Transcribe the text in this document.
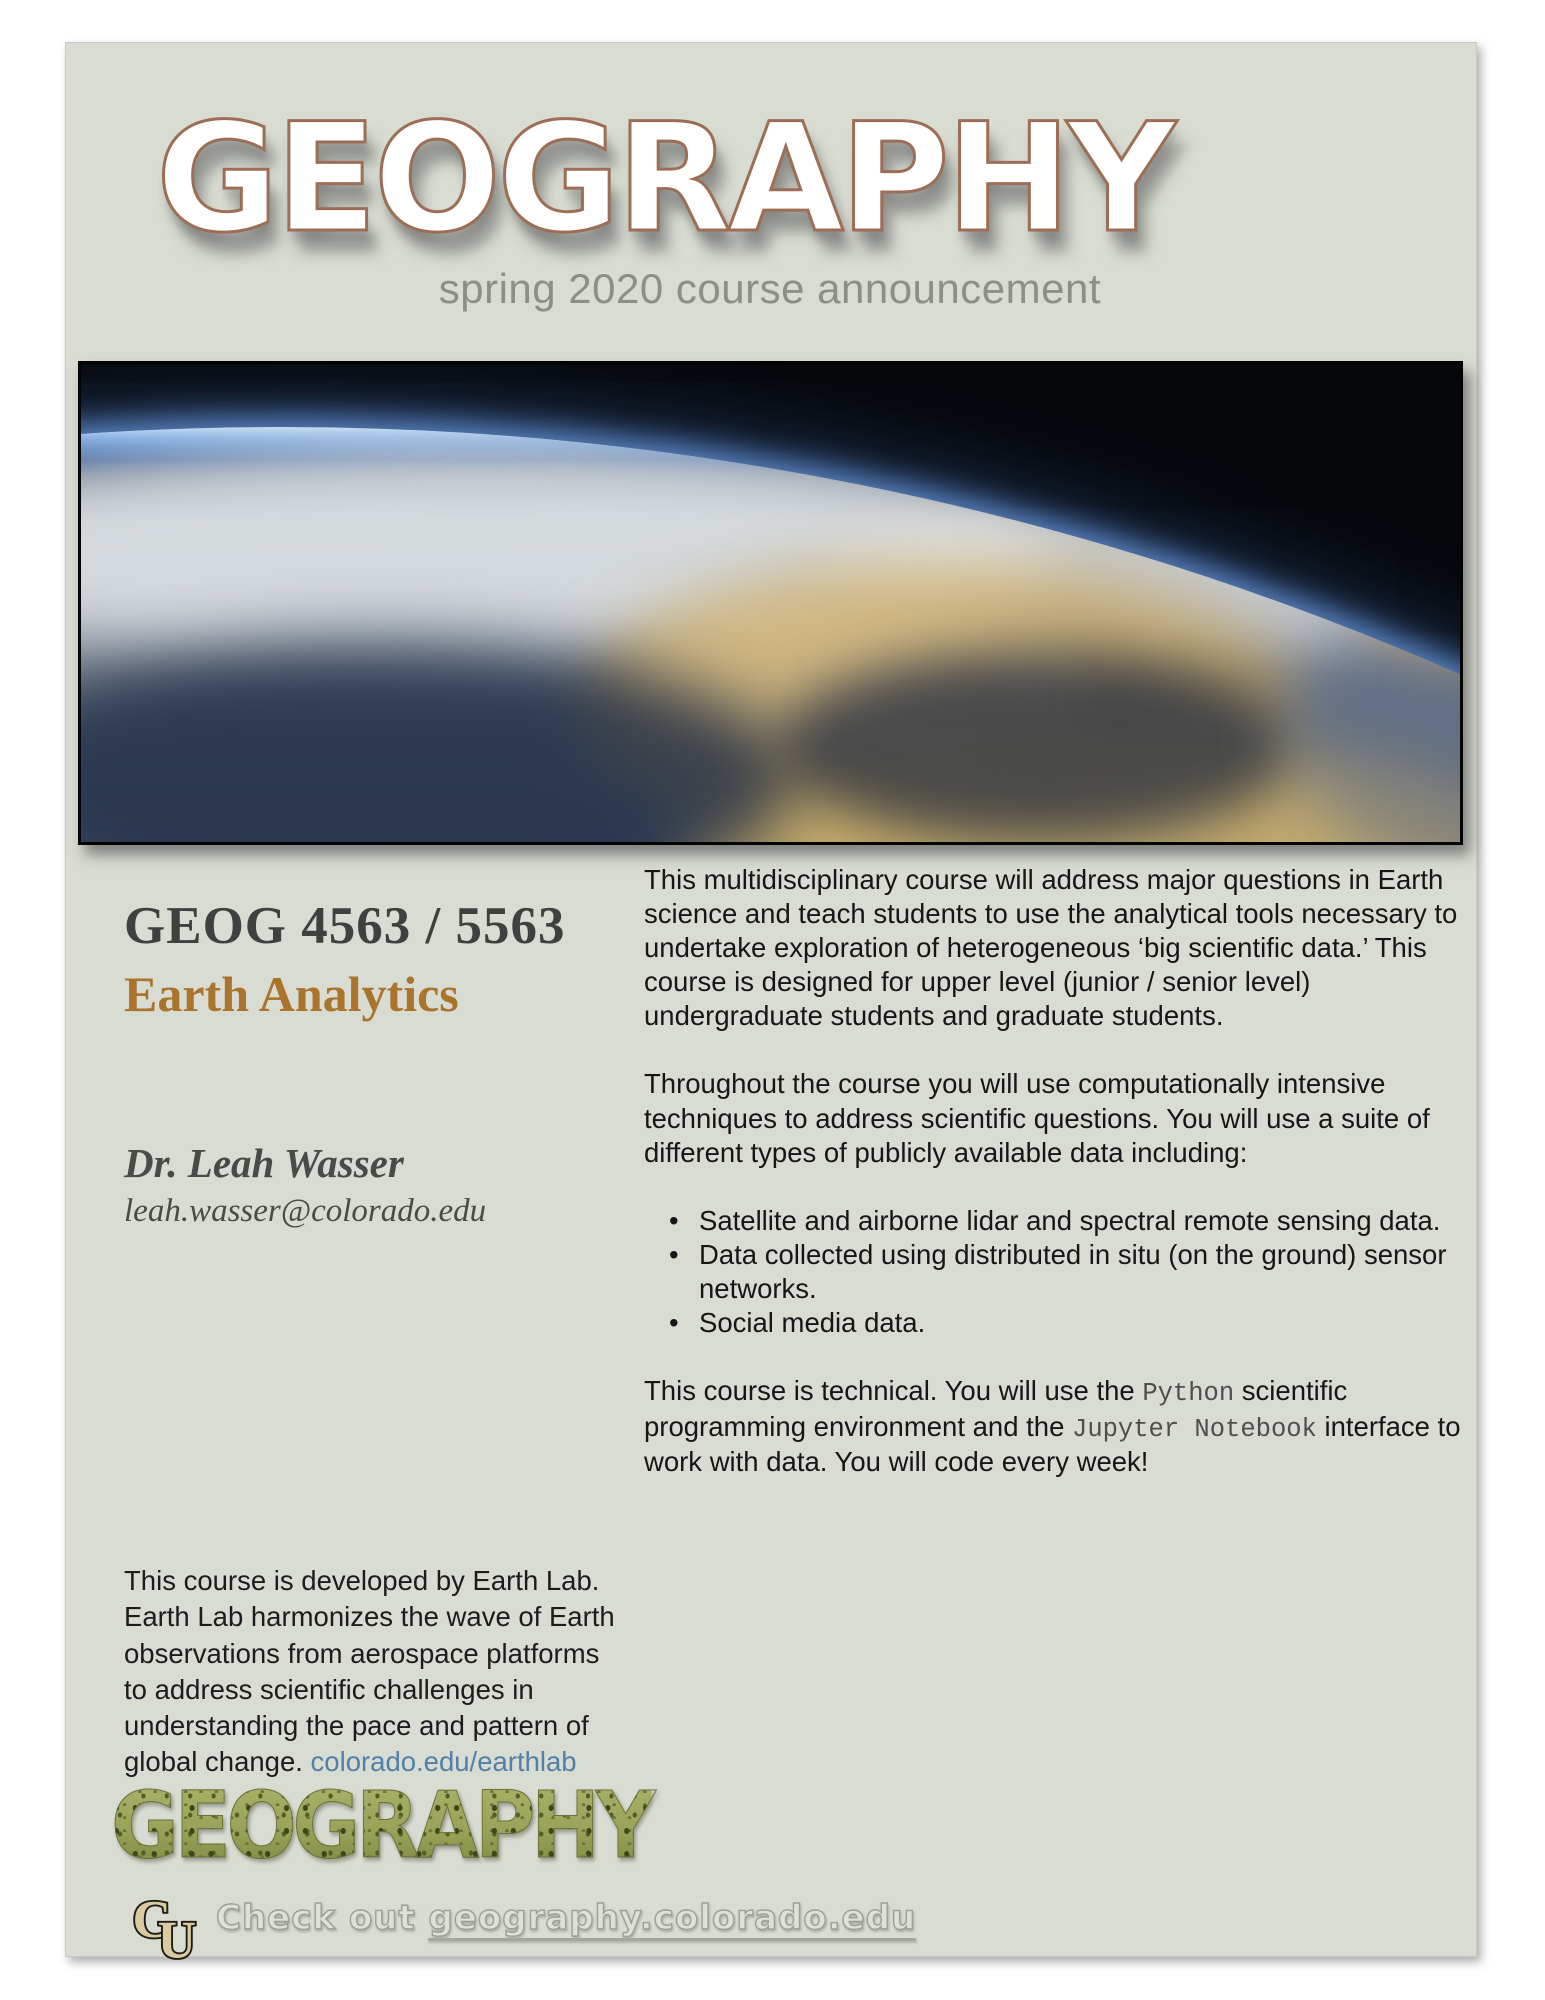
GEOGRAPHY
spring 2020 course announcement
GEOG 4563 / 5563
Earth Analytics
Dr. Leah Wasser
leah.wasser@colorado.edu
This course is developed by Earth Lab. Earth Lab harmonizes the wave of Earth observations from aerospace platforms to address scientific challenges in understanding the pace and pattern of global change. colorado.edu/earthlab
GEOGRAPHY
C
U Check out geography.colorado.edu

This multidisciplinary course will address major questions in Earth science and teach students to use the analytical tools necessary to undertake exploration of heterogeneous ‘big scientific data.’ This course is designed for upper level (junior / senior level) undergraduate students and graduate students.

Throughout the course you will use computationally intensive techniques to address scientific questions. You will use a suite of different types of publicly available data including:

• Satellite and airborne lidar and spectral remote sensing data.
• Data collected using distributed in situ (on the ground) sensor networks.
• Social media data.

This course is technical. You will use the Python scientific programming environment and the Jupyter Notebook interface to work with data. You will code every week!
